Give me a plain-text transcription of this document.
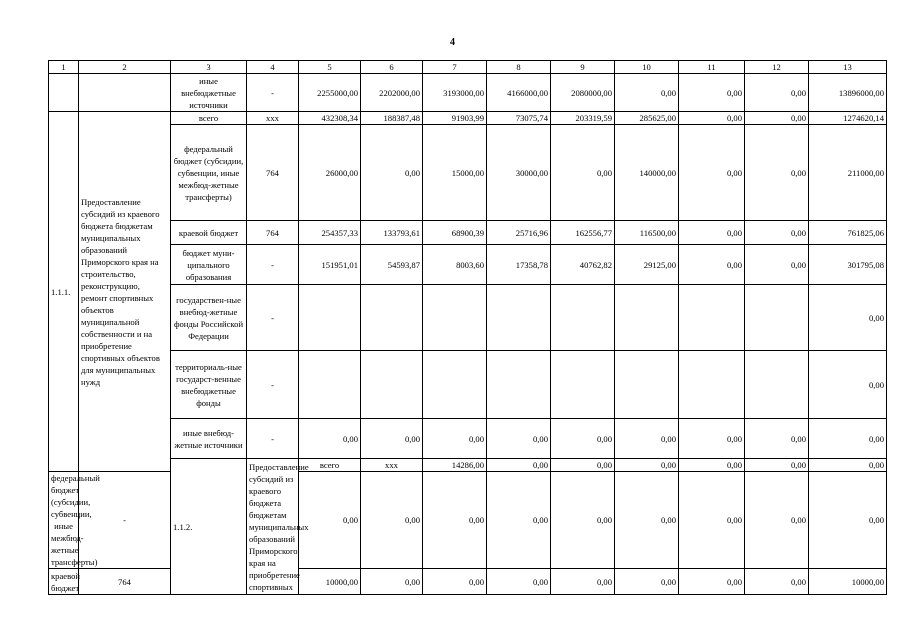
4
1	2	3	4	5	6	7	8	9	10	11	12	13	
		иные внебюджетные источники	-	2255000,00	2202000,00	3193000,00	4166000,00	2080000,00	0,00	0,00	0,00	13896000,00	
1.1.1.	Предоставление субсидий из краевого бюджета бюджетам муниципальных образований Приморского края на строительство, реконструкцию, ремонт спортивных объектов муниципальной собственности и на приобретение спортивных объектов для муниципальных нужд	всего	ххх	432308,34	188387,48	91903,99	73075,74	203319,59	285625,00	0,00	0,00	1274620,14	
		федеральный бюджет (субсидии, субвенции, иные межбюд-жетные трансферты)	764	26000,00	0,00	15000,00	30000,00	0,00	140000,00	0,00	0,00	211000,00	
		краевой бюджет	764	254357,33	133793,61	68900,39	25716,96	162556,77	116500,00	0,00	0,00	761825,06	
		бюджет муни-ципального образования	-	151951,01	54593,87	8003,60	17358,78	40762,82	29125,00	0,00	0,00	301795,08	
		государствен-ные внебюд-жетные фонды Российской Федерации	-									0,00	
		территориаль-ные государст-венные внебюджетные фонды	-									0,00	
		иные внебюд-жетные источники	-	0,00	0,00	0,00	0,00	0,00	0,00	0,00	0,00	0,00	
		1.1.2.	Предоставление субсидий из краевого бюджета бюджетам муниципальных образований Приморского края на приобретение спортивных	всего	ххх	14286,00	0,00	0,00	0,00	0,00	0,00	0,00		
федеральный бюджет (субсидии, субвенции, иные межбюд-жетные трансферты)	-			0,00	0,00	0,00	0,00	0,00	0,00	0,00	0,00	0,00	
краевой бюджет	764			10000,00	0,00	0,00	0,00	0,00	0,00	0,00	0,00	10000,00	
